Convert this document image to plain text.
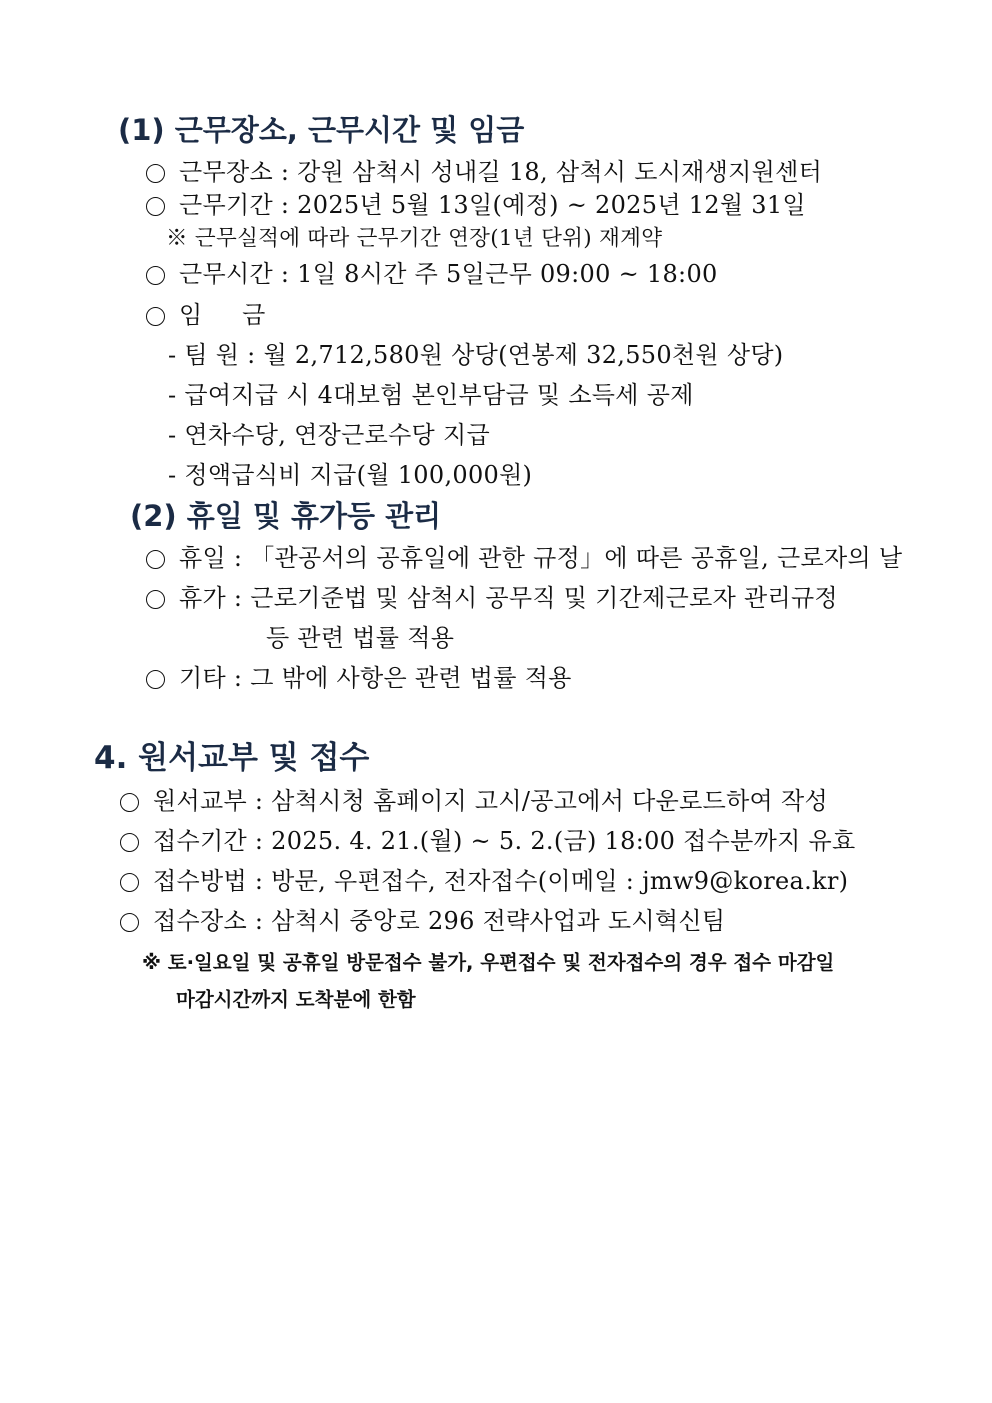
(1) 근무장소, 근무시간 및 임금
근무장소 : 강원 삼척시 성내길 18, 삼척시 도시재생지원센터
근무기간 : 2025년 5월 13일(예정) ~ 2025년 12월 31일
※ 근무실적에 따라 근무기간 연장(1년 단위) 재계약
근무시간 : 1일 8시간 주 5일근무 09:00 ~ 18:00
임     금
- 팀 원 : 월 2,712,580원 상당(연봉제 32,550천원 상당)
- 급여지급 시 4대보험 본인부담금 및 소득세 공제
- 연차수당, 연장근로수당 지급
- 정액급식비 지급(월 100,000원)
(2) 휴일 및 휴가등 관리
휴일 : 「관공서의 공휴일에 관한 규정」에 따른 공휴일, 근로자의 날
휴가 : 근로기준법 및 삼척시 공무직 및 기간제근로자 관리규정
등 관련 법률 적용
기타 : 그 밖에 사항은 관련 법률 적용
4. 원서교부 및 접수
원서교부 : 삼척시청 홈페이지 고시/공고에서 다운로드하여 작성
접수기간 : 2025. 4. 21.(월) ~ 5. 2.(금) 18:00 접수분까지 유효
접수방법 : 방문, 우편접수, 전자접수(이메일 : jmw9@korea.kr)
접수장소 : 삼척시 중앙로 296 전략사업과 도시혁신팀
※ 토·일요일 및 공휴일 방문접수 불가, 우편접수 및 전자접수의 경우 접수 마감일
마감시간까지 도착분에 한함
